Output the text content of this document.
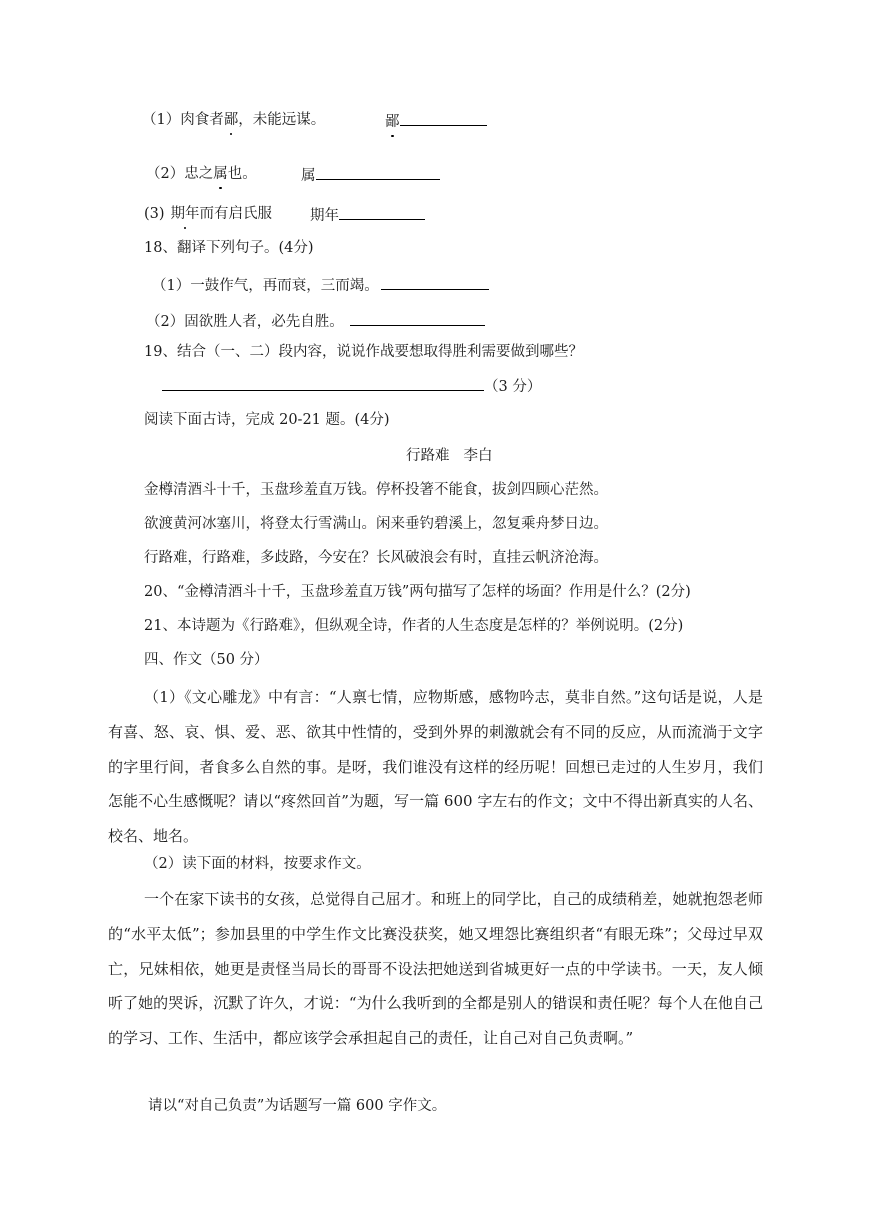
（1）肉食者鄙，未能远谋。	鄙
（2）忠之属也。	属
(3) 期年而有启氏服	期年
18、翻译下列句子。(4分)
（1）一鼓作气，再而衰，三而竭。
（2）固欲胜人者，必先自胜。
19、结合（一、二）段内容，说说作战要想取得胜利需要做到哪些？
（3 分）
阅读下面古诗，完成 20-21 题。(4分)
行路难 李白
金樽清酒斗十千，玉盘珍羞直万钱。停杯投箸不能食，拔剑四顾心茫然。
欲渡黄河冰塞川，将登太行雪满山。闲来垂钓碧溪上，忽复乘舟梦日边。
行路难，行路难，多歧路，今安在？长风破浪会有时，直挂云帆济沧海。
20、“金樽清酒斗十千，玉盘珍羞直万钱”两句描写了怎样的场面？作用是什么？(2分)
21、本诗题为《行路难》，但纵观全诗，作者的人生态度是怎样的？举例说明。(2分)
四、作文（50 分）
（1）《文心雕龙》中有言：“人禀七情，应物斯感，感物吟志，莫非自然。”这句话是说，人是有喜、怒、哀、惧、爱、恶、欲其中性情的，受到外界的刺激就会有不同的反应，从而流淌于文字的字里行间，者食多么自然的事。是呀，我们谁没有这样的经历呢！回想已走过的人生岁月，我们怎能不心生感慨呢？请以“疼然回首”为题，写一篇 600 字左右的作文；文中不得出新真实的人名、校名、地名。
（2）读下面的材料，按要求作文。
一个在家下读书的女孩，总觉得自己屈才。和班上的同学比，自己的成绩稍差，她就抱怨老师的“水平太低”；参加县里的中学生作文比赛没获奖，她又埋怨比赛组织者“有眼无珠”；父母过早双亡，兄妹相依，她更是责怪当局长的哥哥不设法把她送到省城更好一点的中学读书。一天，友人倾听了她的哭诉，沉默了许久，才说：“为什么我听到的全都是别人的错误和责任呢？每个人在他自己的学习、工作、生活中，都应该学会承担起自己的责任，让自己对自己负责啊。”
请以“对自己负责”为话题写一篇 600 字作文。
